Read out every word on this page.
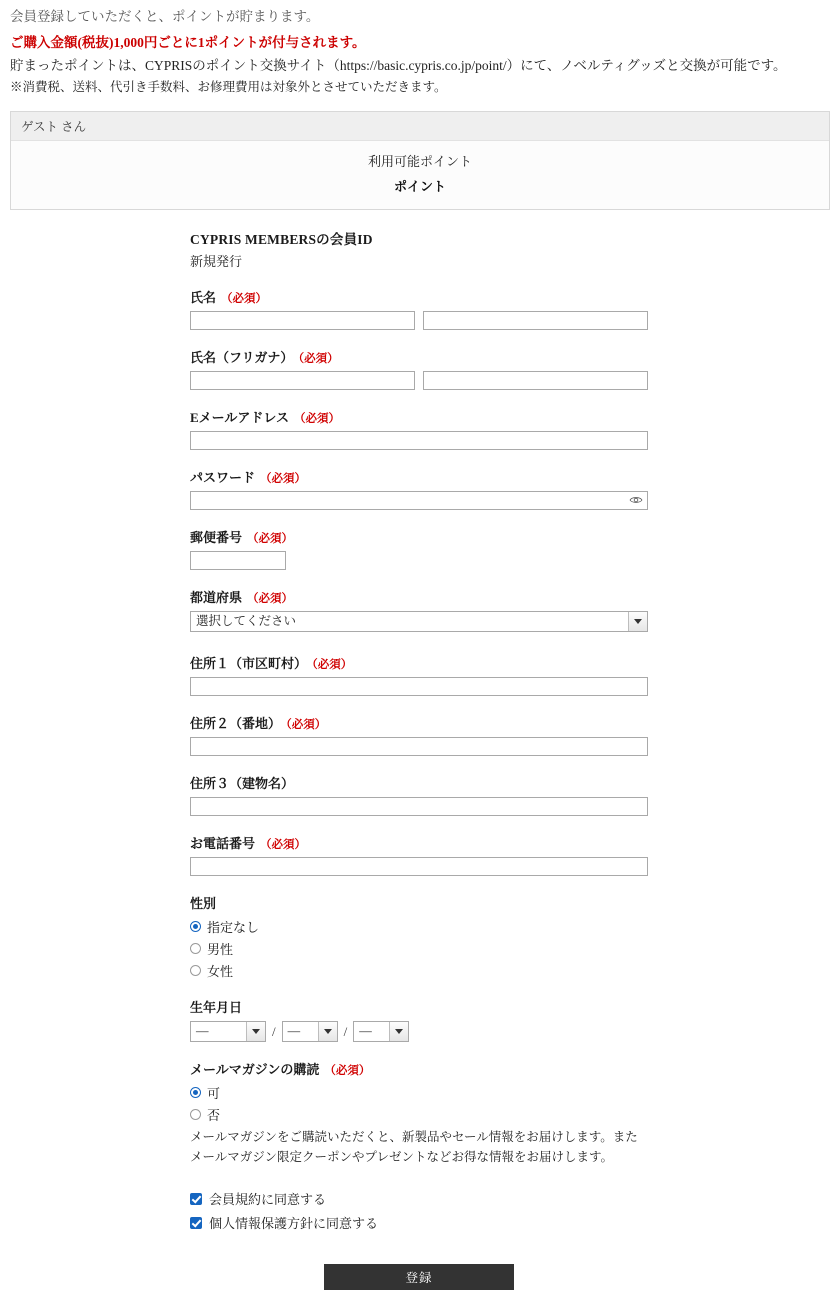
会員登録していただくと、ポイントが貯まります。
ご購入金額(税抜)1,000円ごとに1ポイントが付与されます。
貯まったポイントは、CYPRISのポイント交換サイト（https://basic.cypris.co.jp/point/）にて、ノベルティグッズと交換が可能です。
※消費税、送料、代引き手数料、お修理費用は対象外とさせていただきます。
ゲスト さん
利用可能ポイント
ポイント
CYPRIS MEMBERSの会員ID
新規発行
氏名 （必須）
氏名（フリガナ） （必須）
Eメールアドレス （必須）
パスワード （必須）
郵便番号 （必須）
都道府県 （必須）
選択してください
住所１（市区町村） （必須）
住所２（番地） （必須）
住所３（建物名）
お電話番号 （必須）
性別
指定なし
男性
女性
生年月日
—	/ —	/ —
メールマガジンの購読 （必須）
可
否
メールマガジンをご購読いただくと、新製品やセール情報をお届けします。またメールマガジン限定クーポンやプレゼントなどお得な情報をお届けします。
会員規約に同意する
個人情報保護方針に同意する
登録
